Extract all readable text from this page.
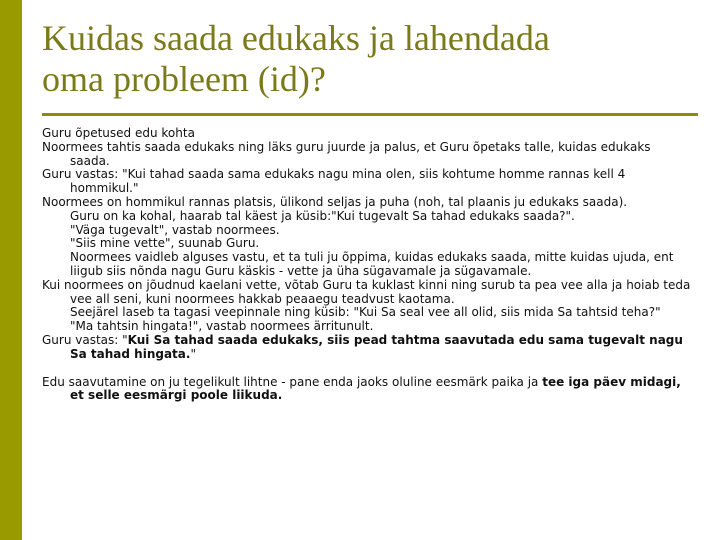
Kuidas saada edukaks ja lahendada
oma probleem (id)?

Guru õpetused edu kohta

Noormees tahtis saada edukaks ning läks guru juurde ja palus, et Guru õpetaks talle, kuidas edukaks saada.

Guru vastas: "Kui tahad saada sama edukaks nagu mina olen, siis kohtume homme rannas kell 4 hommikul."

Noormees on hommikul rannas platsis, ülikond seljas ja puha (noh, tal plaanis ju edukaks saada).

Guru on ka kohal, haarab tal käest ja küsib:"Kui tugevalt Sa tahad edukaks saada?".

"Väga tugevalt", vastab noormees.

"Siis mine vette", suunab Guru.

Noormees vaidleb alguses vastu, et ta tuli ju õppima, kuidas edukaks saada, mitte kuidas ujuda, ent liigub siis nõnda nagu Guru käskis - vette ja üha sügavamale ja sügavamale.

Kui noormees on jõudnud kaelani vette, võtab Guru ta kuklast kinni ning surub ta pea vee alla ja hoiab teda vee all seni, kuni noormees hakkab peaaegu teadvust kaotama.

Seejärel laseb ta tagasi veepinnale ning küsib: "Kui Sa seal vee all olid, siis mida Sa tahtsid teha?"

"Ma tahtsin hingata!", vastab noormees ärritunult.

Guru vastas: "Kui Sa tahad saada edukaks, siis pead tahtma saavutada edu sama tugevalt nagu Sa tahad hingata."

Edu saavutamine on ju tegelikult lihtne - pane enda jaoks oluline eesmärk paika ja tee iga päev midagi, et selle eesmärgi poole liikuda.
